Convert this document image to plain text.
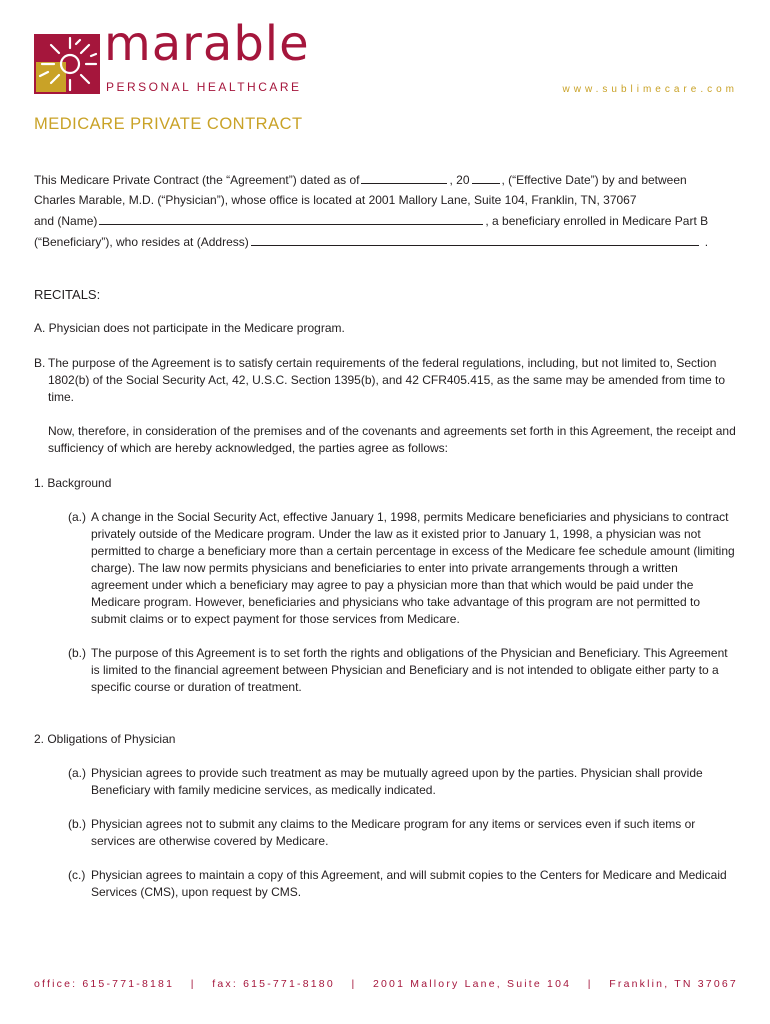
marable
PERSONAL HEALTHCARE	www.sublimecare.com
MEDICARE PRIVATE CONTRACT
This Medicare Private Contract (the “Agreement”) dated as of	, 20	, (“Effective Date”) by and between
Charles Marable, M.D. (“Physician”), whose office is located at 2001 Mallory Lane, Suite 104, Franklin, TN, 37067
and (Name)	, a beneficiary enrolled in Medicare Part B
(“Beneficiary”), who resides at (Address)	.
RECITALS:
A. Physician does not participate in the Medicare program.
B. The purpose of the Agreement is to satisfy certain requirements of the federal regulations, including, but not limited to, Section 1802(b) of the Social Security Act, 42, U.S.C. Section 1395(b), and 42 CFR405.415, as the same may be amended from time to time.
Now, therefore, in consideration of the premises and of the covenants and agreements set forth in this Agreement, the receipt and sufficiency of which are hereby acknowledged, the parties agree as follows:
1. Background
(a.) A change in the Social Security Act, effective January 1, 1998, permits Medicare beneficiaries and physicians to contract privately outside of the Medicare program. Under the law as it existed prior to January 1, 1998, a physician was not permitted to charge a beneficiary more than a certain percentage in excess of the Medicare fee schedule amount (limiting charge). The law now permits physicians and beneficiaries to enter into private arrangements through a written agreement under which a beneficiary may agree to pay a physician more than that which would be paid under the Medicare program. However, beneficiaries and physicians who take advantage of this program are not permitted to submit claims or to expect payment for those services from Medicare.
(b.) The purpose of this Agreement is to set forth the rights and obligations of the Physician and Beneficiary. This Agreement is limited to the financial agreement between Physician and Beneficiary and is not intended to obligate either party to a specific course or duration of treatment.
2. Obligations of Physician
(a.) Physician agrees to provide such treatment as may be mutually agreed upon by the parties. Physician shall provide Beneficiary with family medicine services, as medically indicated.
(b.) Physician agrees not to submit any claims to the Medicare program for any items or services even if such items or services are otherwise covered by Medicare.
(c.) Physician agrees to maintain a copy of this Agreement, and will submit copies to the Centers for Medicare and Medicaid Services (CMS), upon request by CMS.
office: 615-771-8181 | fax: 615-771-8180 | 2001 Mallory Lane, Suite 104 | Franklin, TN 37067
